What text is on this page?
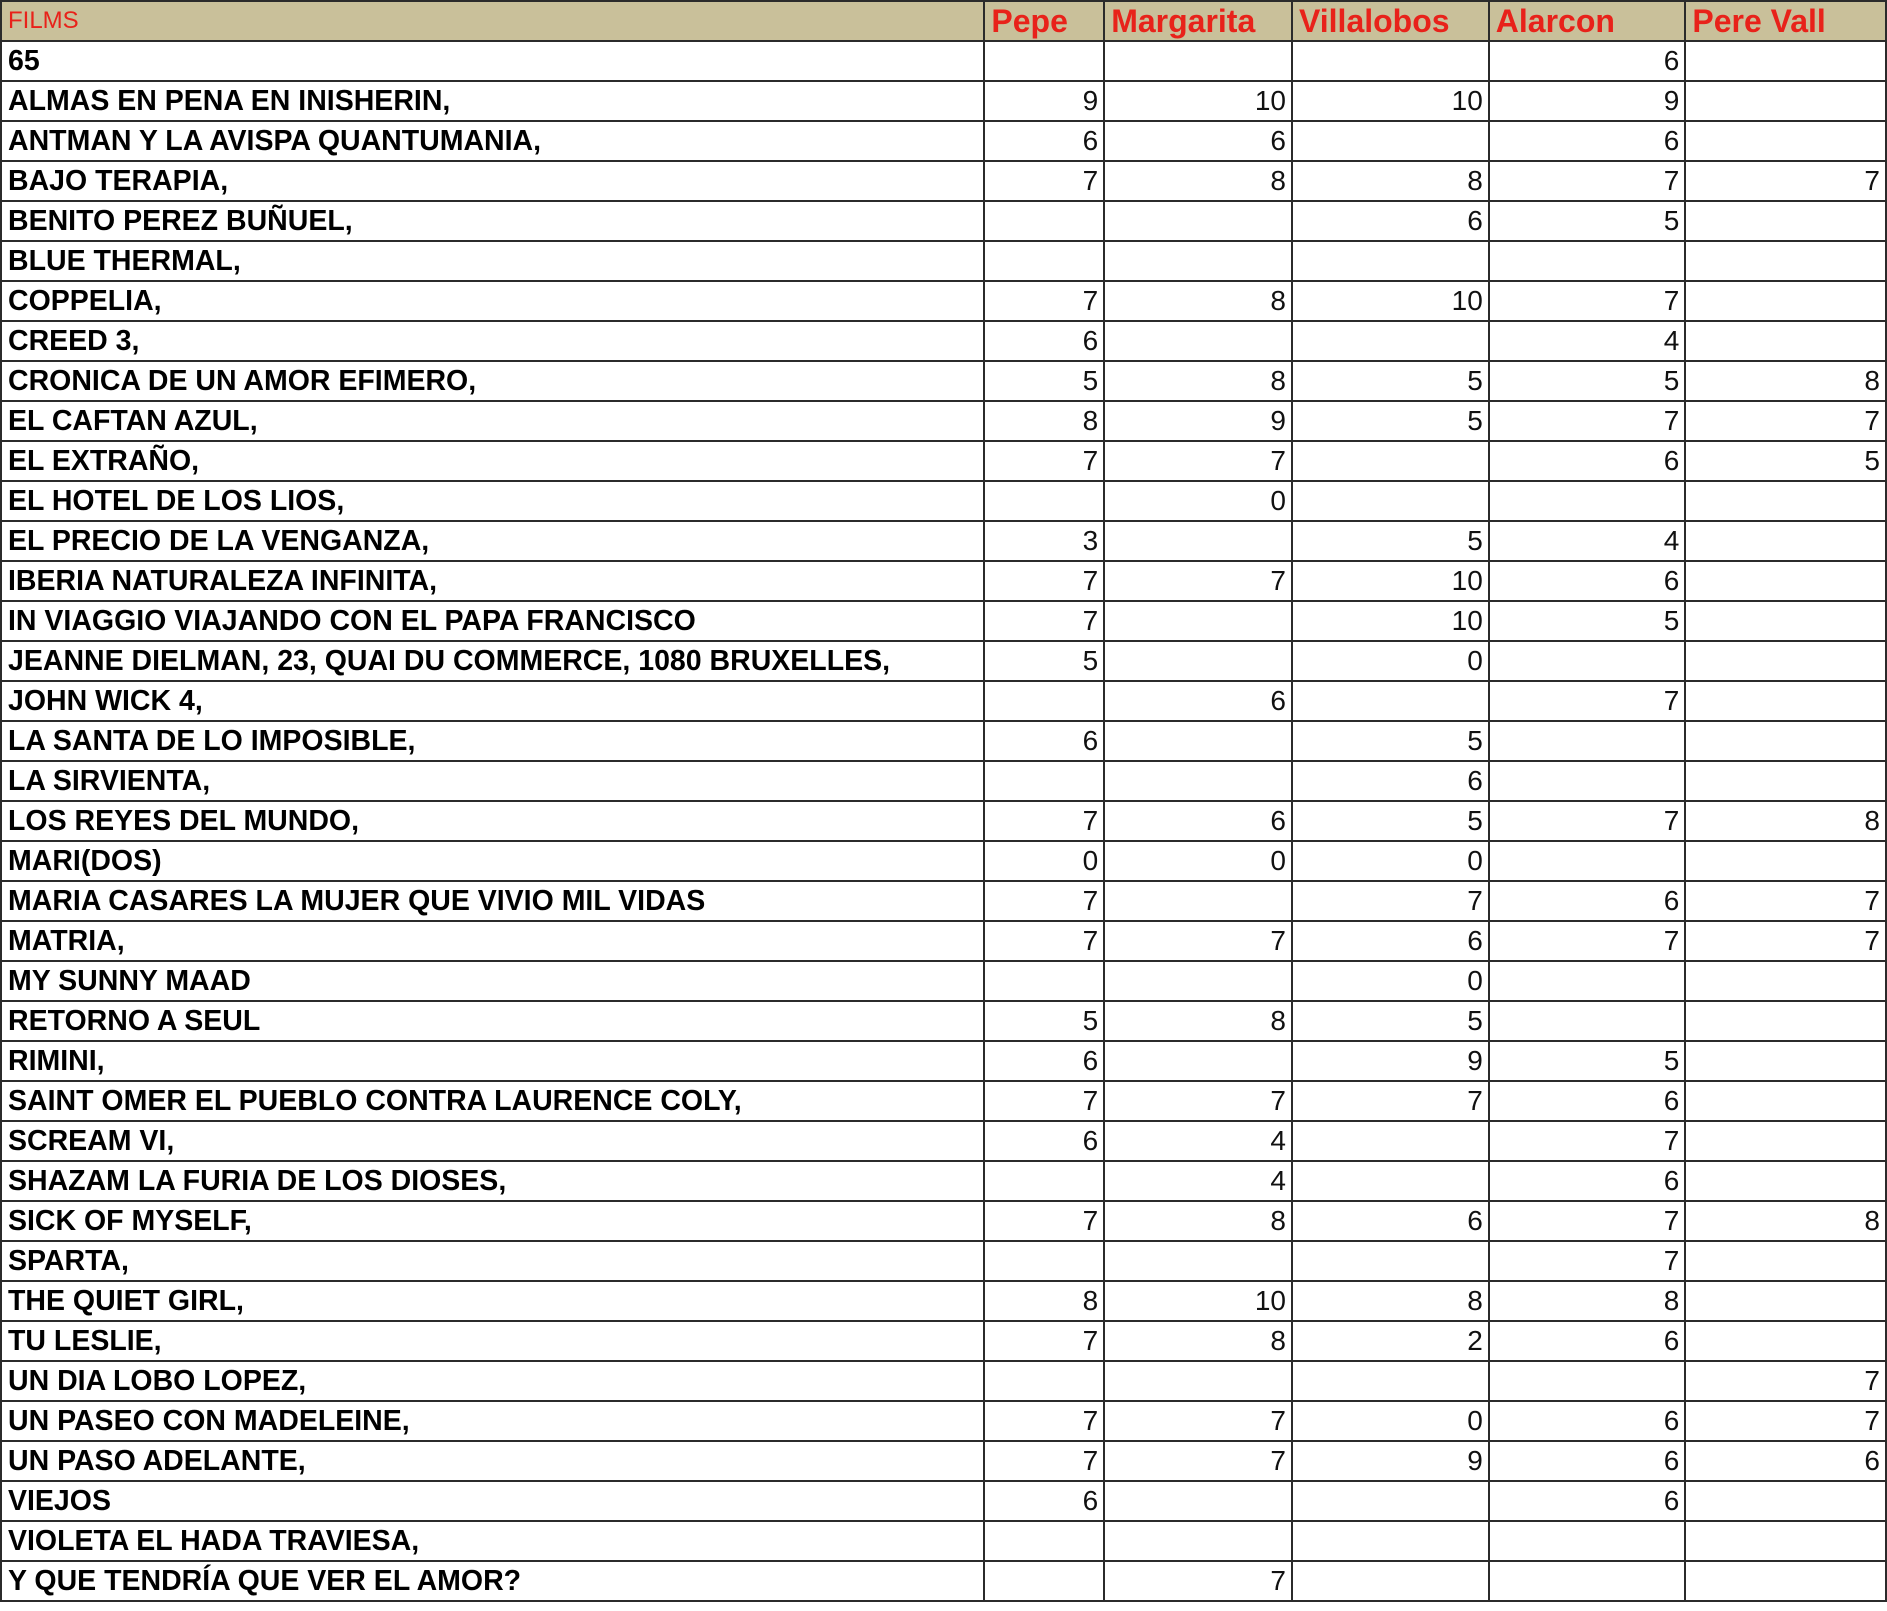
FILMS	Pepe	Margarita	Villalobos	Alarcon	Pere Vall
65				6	
ALMAS EN PENA EN INISHERIN,	9	10	10	9	
ANTMAN Y LA AVISPA QUANTUMANIA,	6	6		6	
BAJO TERAPIA,	7	8	8	7	7
BENITO PEREZ BUÑUEL,			6	5	
BLUE THERMAL,					
COPPELIA,	7	8	10	7	
CREED 3,	6			4	
CRONICA DE UN AMOR EFIMERO,	5	8	5	5	8
EL CAFTAN AZUL,	8	9	5	7	7
EL EXTRAÑO,	7	7		6	5
EL HOTEL DE LOS LIOS,		0			
EL PRECIO DE LA VENGANZA,	3		5	4	
IBERIA NATURALEZA INFINITA,	7	7	10	6	
IN VIAGGIO VIAJANDO CON EL PAPA FRANCISCO	7		10	5	
JEANNE DIELMAN, 23, QUAI DU COMMERCE, 1080 BRUXELLES,	5		0		
JOHN WICK 4,		6		7	
LA SANTA DE LO IMPOSIBLE,	6		5		
LA SIRVIENTA,			6		
LOS REYES DEL MUNDO,	7	6	5	7	8
MARI(DOS)	0	0	0		
MARIA CASARES LA MUJER QUE VIVIO MIL VIDAS	7		7	6	7
MATRIA,	7	7	6	7	7
MY SUNNY MAAD			0		
RETORNO A SEUL	5	8	5		
RIMINI,	6		9	5	
SAINT OMER EL PUEBLO CONTRA LAURENCE COLY,	7	7	7	6	
SCREAM VI,	6	4		7	
SHAZAM LA FURIA DE LOS DIOSES,		4		6	
SICK OF MYSELF,	7	8	6	7	8
SPARTA,				7	
THE QUIET GIRL,	8	10	8	8	
TU LESLIE,	7	8	2	6	
UN DIA LOBO LOPEZ,					7
UN PASEO CON MADELEINE,	7	7	0	6	7
UN PASO ADELANTE,	7	7	9	6	6
VIEJOS	6			6	
VIOLETA EL HADA TRAVIESA,					
Y QUE TENDRÍA QUE VER EL AMOR?		7			
